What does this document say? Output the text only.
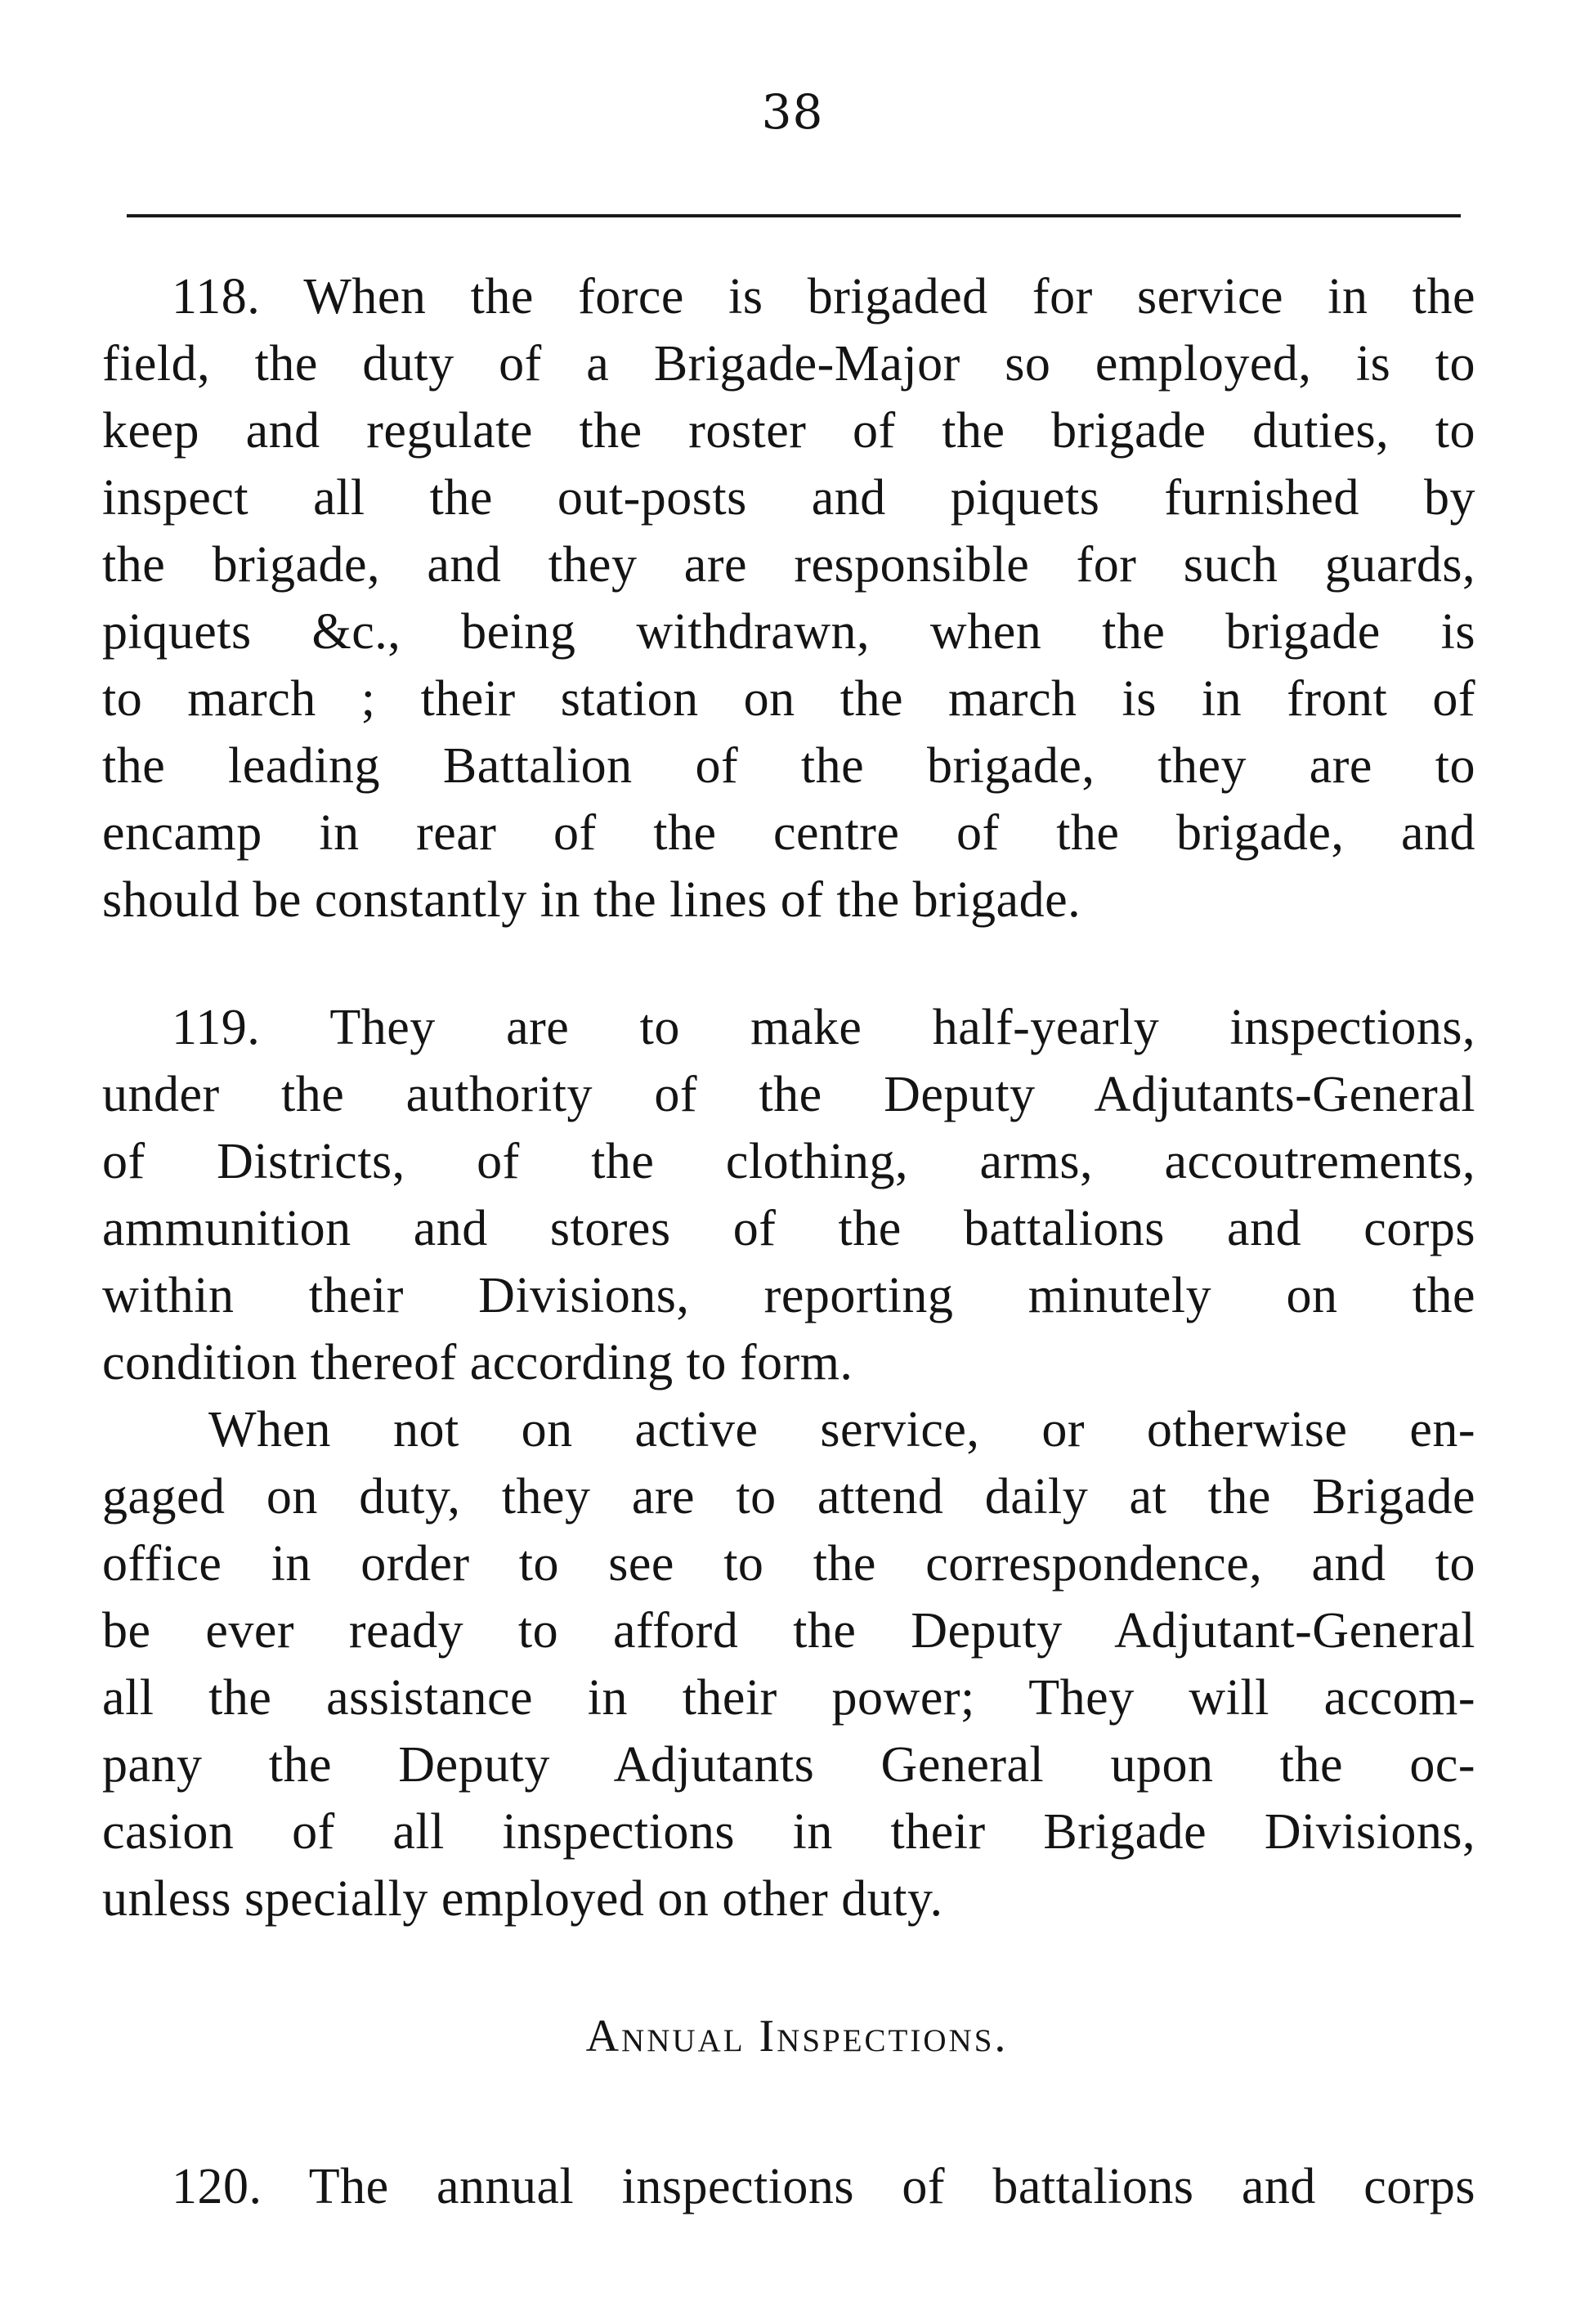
38
118. When the force is brigaded for service in the
field, the duty of a Brigade-Major so employed, is to
keep and regulate the roster of the brigade duties, to
inspect all the out-posts and piquets furnished by
the brigade, and they are responsible for such guards,
piquets &c., being withdrawn, when the brigade is
to march ; their station on the march is in front of
the leading Battalion of the brigade, they are to
encamp in rear of the centre of the brigade, and
should be constantly in the lines of the brigade.
119. They are to make half-yearly inspections,
under the authority of the Deputy Adjutants-General
of Districts, of the clothing, arms, accoutrements,
ammunition and stores of the battalions and corps
within their Divisions, reporting minutely on the
condition thereof according to form.
When not on active service, or otherwise en-
gaged on duty, they are to attend daily at the Brigade
office in order to see to the correspondence, and to
be ever ready to afford the Deputy Adjutant-General
all the assistance in their power; They will accom-
pany the Deputy Adjutants General upon the oc-
casion of all inspections in their Brigade Divisions,
unless specially employed on other duty.
Annual Inspections.
120. The annual inspections of battalions and corps
